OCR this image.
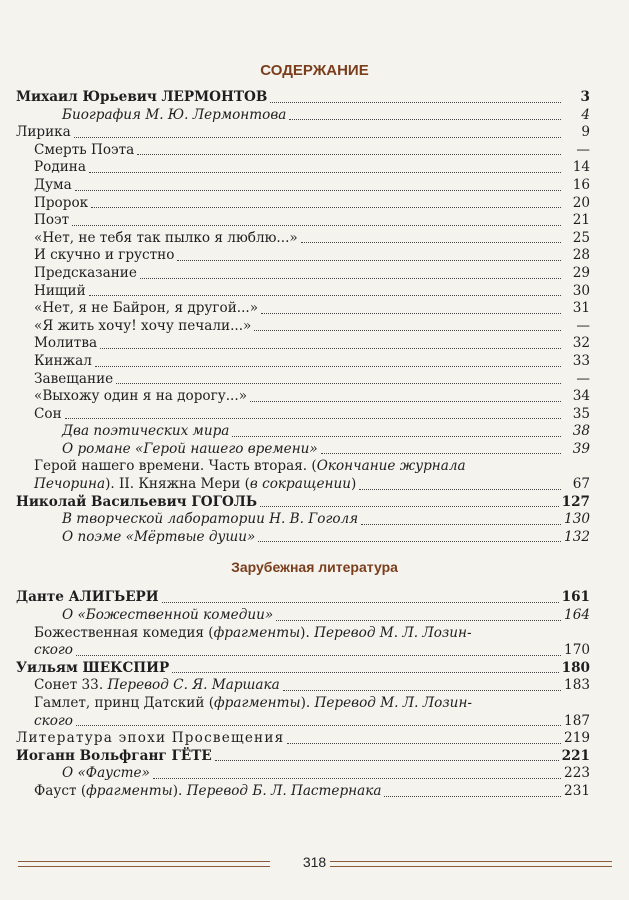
СОДЕРЖАНИЕ
Михаил Юрьевич ЛЕРМОНТОВ	3
Биография М. Ю. Лермонтова	4
Лирика	9
Смерть Поэта	—
Родина	14
Дума	16
Пророк	20
Поэт	21
«Нет, не тебя так пылко я люблю...»	25
И скучно и грустно	28
Предсказание	29
Нищий	30
«Нет, я не Байрон, я другой...»	31
«Я жить хочу! хочу печали...»	—
Молитва	32
Кинжал	33
Завещание	—
«Выхожу один я на дорогу...»	34
Сон	35
Два поэтических мира	38
О романе «Герой нашего времени»	39
Герой нашего времени. Часть вторая. (Окончание журнала
Печорина). II. Княжна Мери (в сокращении)	67
Николай Васильевич ГОГОЛЬ	127
В творческой лаборатории Н. В. Гоголя	130
О поэме «Мёртвые души»	132
Зарубежная литература
Данте АЛИГЬЕРИ	161
О «Божественной комедии»	164
Божественная комедия (фрагменты). Перевод М. Л. Лозин-
ского	170
Уильям ШЕКСПИР	180
Сонет 33. Перевод С. Я. Маршака	183
Гамлет, принц Датский (фрагменты). Перевод М. Л. Лозин-
ского	187
Литература эпохи Просвещения	219
Иоганн Вольфганг ГЁТЕ	221
О «Фаусте»	223
Фауст (фрагменты). Перевод Б. Л. Пастернака	231
318
